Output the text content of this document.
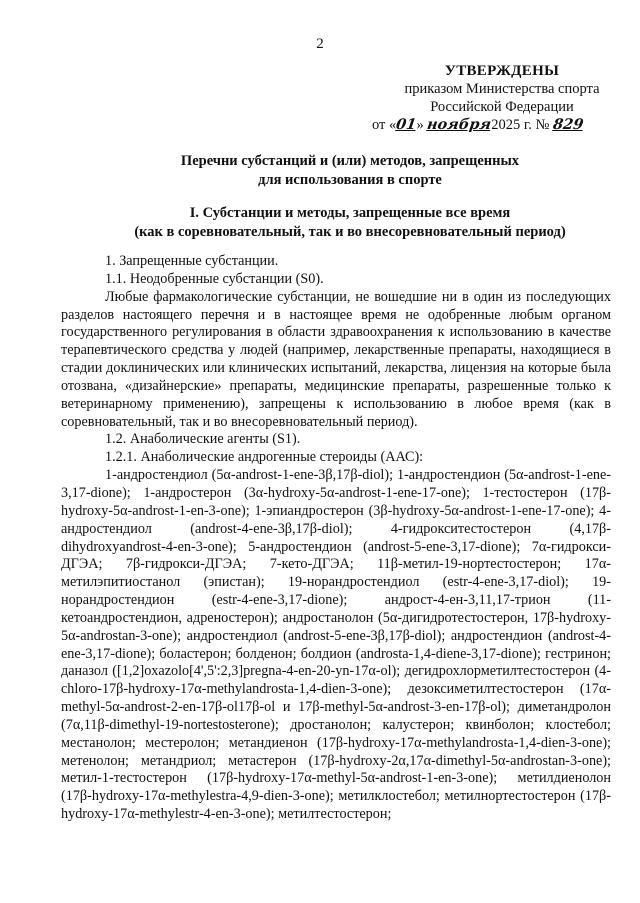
2
УТВЕРЖДЕНЫ
приказом Министерства спорта
Российской Федерации
от «01» ноября2025 г. № 829
Перечни субстанций и (или) методов, запрещенных
для использования в спорте
I. Субстанции и методы, запрещенные все время
(как в соревновательный, так и во внесоревновательный период)

1. Запрещенные субстанции.

1.1. Неодобренные субстанции (S0).

Любые фармакологические субстанции, не вошедшие ни в один из последующих разделов настоящего перечня и в настоящее время не одобренные любым органом государственного регулирования в области здравоохранения к использованию в качестве терапевтического средства у людей (например, лекарственные препараты, находящиеся в стадии доклинических или клинических испытаний, лекарства, лицензия на которые была отозвана, «дизайнерские» препараты, медицинские препараты, разрешенные только к ветеринарному применению), запрещены к использованию в любое время (как в соревновательный, так и во внесоревновательный период).

1.2. Анаболические агенты (S1).

1.2.1. Анаболические андрогенные стероиды (ААС):

1-андростендиол (5α-androst-1-ene-3β,17β-diol); 1-андростендион (5α-androst-1-ene-3,17-dione); 1-андростерон (3α-hydroxy-5α-androst-1-ene-17-one); 1-тестостерон (17β-hydroxy-5α-androst-1-en-3-one); 1-эпиандростерон (3β-hydroxy-5α-androst-1-ene-17-one); 4-андростендиол (androst-4-ene-3β,17β-diol); 4-гидрокситестостерон (4,17β-dihydroxyandrost-4-en-3-one); 5-андростендион (androst-5-ene-3,17-dione); 7α-гидрокси-ДГЭА; 7β-гидрокси-ДГЭА; 7-кето-ДГЭА; 11β-метил-19-нортестостерон; 17α-метилэпитиостанол (эпистан); 19-норандростендиол (estr-4-ene-3,17-diol); 19-норандростендион (estr-4-ene-3,17-dione); андрост-4-ен-3,11,17-трион (11-кетоандростендион, адреностерон); андростанолон (5α-дигидротестостерон, 17β-hydroxy-5α-androstan-3-one); андростендиол (androst-5-ene-3β,17β-diol); андростендион (androst-4-ene-3,17-dione); боластерон; болденон; болдион (androsta-1,4-diene-3,17-dione); гестринон; даназол ([1,2]oxazolo[4',5':2,3]pregna-4-en-20-yn-17α-ol); дегидрохлорметилтестостерон (4-chloro-17β-hydroxy-17α-methylandrosta-1,4-dien-3-one); дезоксиметилтестостерон (17α-methyl-5α-androst-2-en-17β-ol17β-ol и 17β-methyl-5α-androst-3-en-17β-ol); диметандролон (7α,11β-dimethyl-19-nortestosterone); дростанолон; калустерон; квинболон; клостебол; местанолон; местеролон; метандиенон (17β-hydroxy-17α-methylandrosta-1,4-dien-3-one); метенолон; метандриол; метастерон (17β-hydroxy-2α,17α-dimethyl-5α-androstan-3-one); метил-1-тестостерон (17β-hydroxy-17α-methyl-5α-androst-1-en-3-one); метилдиенолон (17β-hydroxy-17α-methylestra-4,9-dien-3-one); метилклостебол; метилнортестостерон (17β-hydroxy-17α-methylestr-4-en-3-one); метилтестостерон;
